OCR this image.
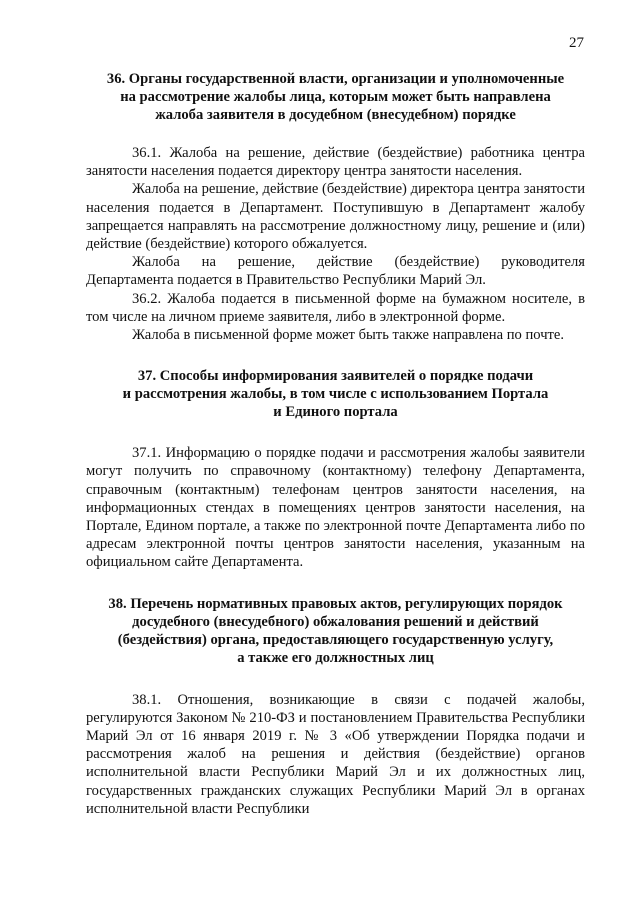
27
36. Органы государственной власти, организации и уполномоченные
на рассмотрение жалобы лица, которым может быть направлена
жалоба заявителя в досудебном (внесудебном) порядке

36.1. Жалоба на решение, действие (бездействие) работника центра занятости населения подается директору центра занятости населения.

Жалоба на решение, действие (бездействие) директора центра занятости населения подается в Департамент. Поступившую в Департамент жалобу запрещается направлять на рассмотрение должностному лицу, решение и (или) действие (бездействие) которого обжалуется.

Жалоба на решение, действие (бездействие) руководителя Департамента подается в Правительство Республики Марий Эл.

36.2. Жалоба подается в письменной форме на бумажном носителе, в том числе на личном приеме заявителя, либо в электронной форме.

Жалоба в письменной форме может быть также направлена по почте.

37. Способы информирования заявителей о порядке подачи
и рассмотрения жалобы, в том числе с использованием Портала
и Единого портала

37.1. Информацию о порядке подачи и рассмотрения жалобы заявители могут получить по справочному (контактному) телефону Департамента, справочным (контактным) телефонам центров занятости населения, на информационных стендах в помещениях центров занятости населения, на Портале, Едином портале, а также по электронной почте Департамента либо по адресам электронной почты центров занятости населения, указанным на официальном сайте Департамента.

38. Перечень нормативных правовых актов, регулирующих порядок
досудебного (внесудебного) обжалования решений и действий
(бездействия) органа, предоставляющего государственную услугу,
а также его должностных лиц

38.1. Отношения, возникающие в связи с подачей жалобы, регулируются Законом № 210-ФЗ и постановлением Правительства Республики Марий Эл от 16 января 2019 г. № 3 «Об утверждении Порядка подачи и рассмотрения жалоб на решения и действия (бездействие) органов исполнительной власти Республики Марий Эл и их должностных лиц, государственных гражданских служащих Республики Марий Эл в органах исполнительной власти Республики
